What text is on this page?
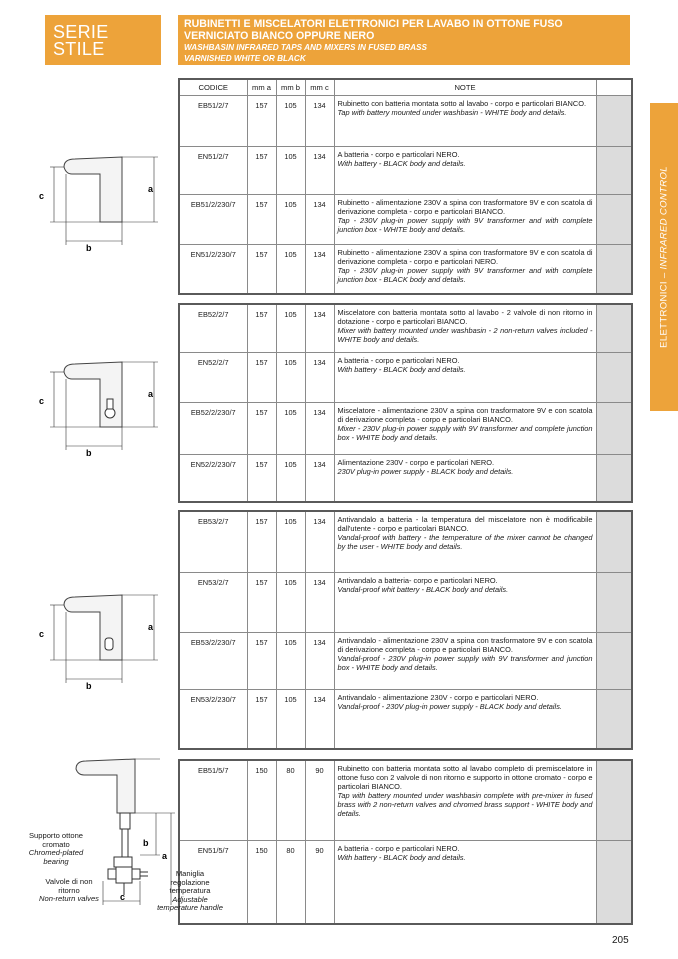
SERIE
STILE
RUBINETTI E MISCELATORI ELETTRONICI PER LAVABO IN OTTONE FUSO
VERNICIATO BIANCO OPPURE NERO
WASHBASIN INFRARED TAPS AND MIXERS IN FUSED BRASS
VARNISHED WHITE OR BLACK
ELETTRONICI – INFRARED CONTROL
CODICE	mm a	mm b	mm c	NOTE	
EB51/2/7	157	105	134	Rubinetto con batteria montata sotto al lavabo - corpo e particolari BIANCO.
Tap with battery mounted under washbasin - WHITE body and details.	

EN51/2/7	157	105	134	A batteria - corpo e particolari NERO.
With battery - BLACK body and details.	

EB51/2/230/7	157	105	134	Rubinetto - alimentazione 230V a spina con trasformatore 9V e con scatola di derivazione completa - corpo e particolari BIANCO.
Tap - 230V plug-in power supply with 9V transformer and with complete junction box - WHITE body and details.	

EN51/2/230/7	157	105	134	Rubinetto - alimentazione 230V a spina con trasformatore 9V e con scatola di derivazione completa - corpo e particolari NERO.
Tap - 230V plug-in power supply with 9V transformer and with complete junction box - BLACK body and details.	

EB52/2/7	157	105	134	Miscelatore con batteria montata sotto al lavabo - 2 valvole di non ritorno in dotazione - corpo e particolari BIANCO.
Mixer with battery mounted under washbasin - 2 non-return valves included - WHITE body and details.	

EN52/2/7	157	105	134	A batteria - corpo e particolari NERO.
With battery - BLACK body and details.	

EB52/2/230/7	157	105	134	Miscelatore - alimentazione 230V a spina con trasformatore 9V e con scatola di derivazione completa - corpo e particolari BIANCO.
Mixer - 230V plug-in power supply with 9V transformer and complete junction box - WHITE body and details.	

EN52/2/230/7	157	105	134	Alimentazione 230V - corpo e particolari NERO.
230V plug-in power supply - BLACK body and details.	

EB53/2/7	157	105	134	Antivandalo a batteria - la temperatura del miscelatore non è modificabile dall'utente - corpo e particolari BIANCO.
Vandal-proof with battery - the temperature of the mixer cannot be changed by the user - WHITE body and details.	

EN53/2/7	157	105	134	Antivandalo a batteria- corpo e particolari NERO.
Vandal-proof whit battery - BLACK body and details.	

EB53/2/230/7	157	105	134	Antivandalo - alimentazione 230V a spina con trasformatore 9V e con scatola di derivazione completa - corpo e particolari BIANCO.
Vandal-proof - 230V plug-in power supply with 9V transformer and junction box - WHITE body and details.	

EN53/2/230/7	157	105	134	Antivandalo - alimentazione 230V - corpo e particolari NERO.
Vandal-proof - 230V plug-in power supply - BLACK body and details.	

EB51/5/7	150	80	90	Rubinetto con batteria montata sotto al lavabo completo di premiscelatore in ottone fuso con 2 valvole di non ritorno e supporto in ottone cromato - corpo e particolari BIANCO.
Tap with battery mounted under washbasin complete with pre-mixer in fused brass with 2 non-return valves and chromed brass support - WHITE body and details.	

EN51/5/7	150	80	90	A batteria - corpo e particolari NERO.
With battery - BLACK body and details.	

a
c
b
a
c
b
a
c
b
b
a
c
Supporto ottone cromato
Chromed-plated bearing
Valvole di non ritorno
Non-return valves
Maniglia regolazione temperatura
Adjustable temperature handle
205
